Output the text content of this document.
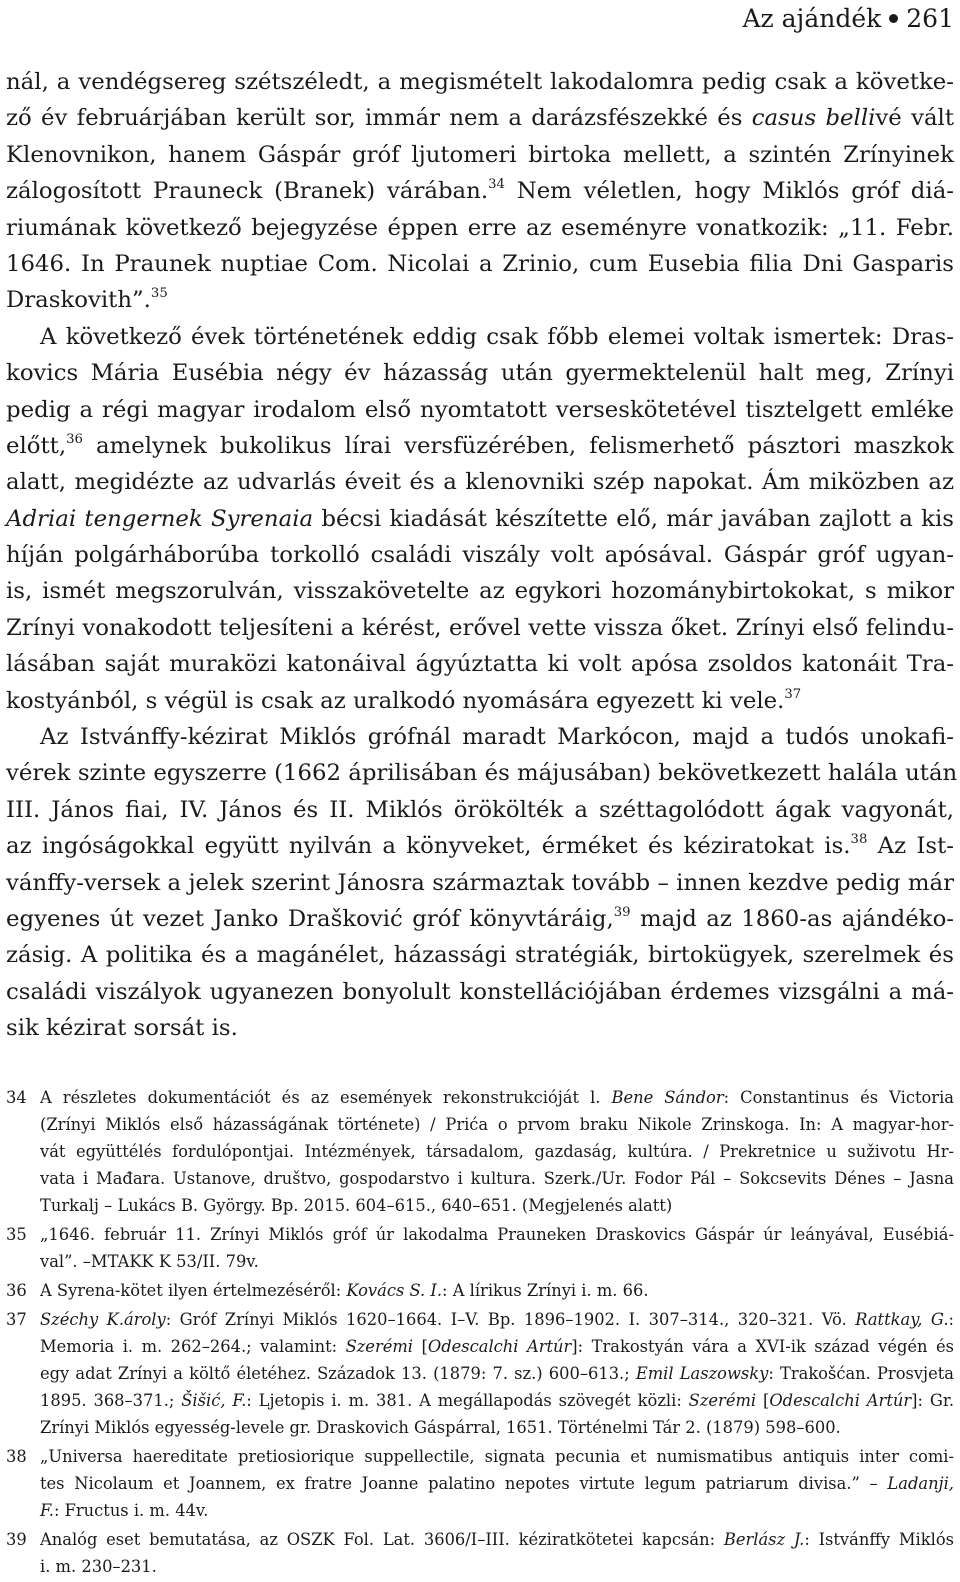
Az ajándék 261
nál, a vendégsereg szétszéledt, a megismételt lakodalomra pedig csak a követke-
ző év februárjában került sor, immár nem a darázsfészekké és casus bellivé vált
Klenovnikon, hanem Gáspár gróf ljutomeri birtoka mellett, a szintén Zrínyinek
zálogosított Prauneck (Branek) várában.$^{34}$ Nem véletlen, hogy Miklós gróf diá-
riumának következő bejegyzése éppen erre az eseményre vonatkozik: „11. Febr.
1646. In Praunek nuptiae Com. Nicolai a Zrinio, cum Eusebia filia Dni Gasparis
Draskovith”.$^{35}$
A következő évek történetének eddig csak főbb elemei voltak ismertek: Dras-
kovics Mária Eusébia négy év házasság után gyermektelenül halt meg, Zrínyi
pedig a régi magyar irodalom első nyomtatott verseskötetével tisztelgett emléke
előtt,$^{36}$ amelynek bukolikus lírai versfüzérében, felismerhető pásztori maszkok
alatt, megidézte az udvarlás éveit és a klenovniki szép napokat. Ám miközben az
Adriai tengernek Syrenaia bécsi kiadását készítette elő, már javában zajlott a kis
híján polgárháborúba torkolló családi viszály volt apósával. Gáspár gróf ugyan-
is, ismét megszorulván, visszakövetelte az egykori hozománybirtokokat, s mikor
Zrínyi vonakodott teljesíteni a kérést, erővel vette vissza őket. Zrínyi első felindu-
lásában saját muraközi katonáival ágyúztatta ki volt apósa zsoldos katonáit Tra-
kostyánból, s végül is csak az uralkodó nyomására egyezett ki vele.$^{37}$
Az Istvánffy-kézirat Miklós grófnál maradt Markócon, majd a tudós unokafi-
vérek szinte egyszerre (1662 áprilisában és májusában) bekövetkezett halála után
III. János fiai, IV. János és II. Miklós örökölték a széttagolódott ágak vagyonát,
az ingóságokkal együtt nyilván a könyveket, érméket és kéziratokat is.$^{38}$ Az Ist-
vánffy-versek a jelek szerint Jánosra származtak tovább – innen kezdve pedig már
egyenes út vezet Janko Drašković gróf könyvtáráig,$^{39}$ majd az 1860-as ajándéko-
zásig. A politika és a magánélet, házassági stratégiák, birtokügyek, szerelmek és
családi viszályok ugyanezen bonyolult konstellációjában érdemes vizsgálni a má-
sik kézirat sorsát is.
34 A részletes dokumentációt és az események rekonstrukcióját l. Bene Sándor: Constantinus és Victoria
(Zrínyi Miklós első házasságának története) / Prića o prvom braku Nikole Zrinskoga. In: A magyar-hor-
vát együttélés fordulópontjai. Intézmények, társadalom, gazdaság, kultúra. / Prekretnice u suživotu Hr-
vata i Mađara. Ustanove, društvo, gospodarstvo i kultura. Szerk./Ur. Fodor Pál – Sokcsevits Dénes – Jasna
Turkalj – Lukács B. György. Bp. 2015. 604–615., 640–651. (Megjelenés alatt)
35 „1646. február 11. Zrínyi Miklós gróf úr lakodalma Prauneken Draskovics Gáspár úr leányával, Eusébiá-
val”. –MTAKK K 53/II. 79v.
36 A Syrena-kötet ilyen értelmezéséről: Kovács S. I.: A lírikus Zrínyi i. m. 66.
37 Széchy K.ároly: Gróf Zrínyi Miklós 1620–1664. I–V. Bp. 1896–1902. I. 307–314., 320–321. Vö. Rattkay, G.:
Memoria i. m. 262–264.; valamint: Szerémi [Odescalchi Artúr]: Trakostyán vára a XVI-ik század végén és
egy adat Zrínyi a költő életéhez. Századok 13. (1879: 7. sz.) 600–613.; Emil Laszowsky: Trakošćan. Prosvjeta
1895. 368–371.; Šišić, F.: Ljetopis i. m. 381. A megállapodás szövegét közli: Szerémi [Odescalchi Artúr]: Gr.
Zrínyi Miklós egyesség-levele gr. Draskovich Gáspárral, 1651. Történelmi Tár 2. (1879) 598–600.
38 „Universa haereditate pretiosiorique suppellectile, signata pecunia et numismatibus antiquis inter comi-
tes Nicolaum et Joannem, ex fratre Joanne palatino nepotes virtute legum patriarum divisa.” – Ladanji,
F.: Fructus i. m. 44v.
39 Analóg eset bemutatása, az OSZK Fol. Lat. 3606/I–III. kéziratkötetei kapcsán: Berlász J.: Istvánffy Miklós
i. m. 230–231.
